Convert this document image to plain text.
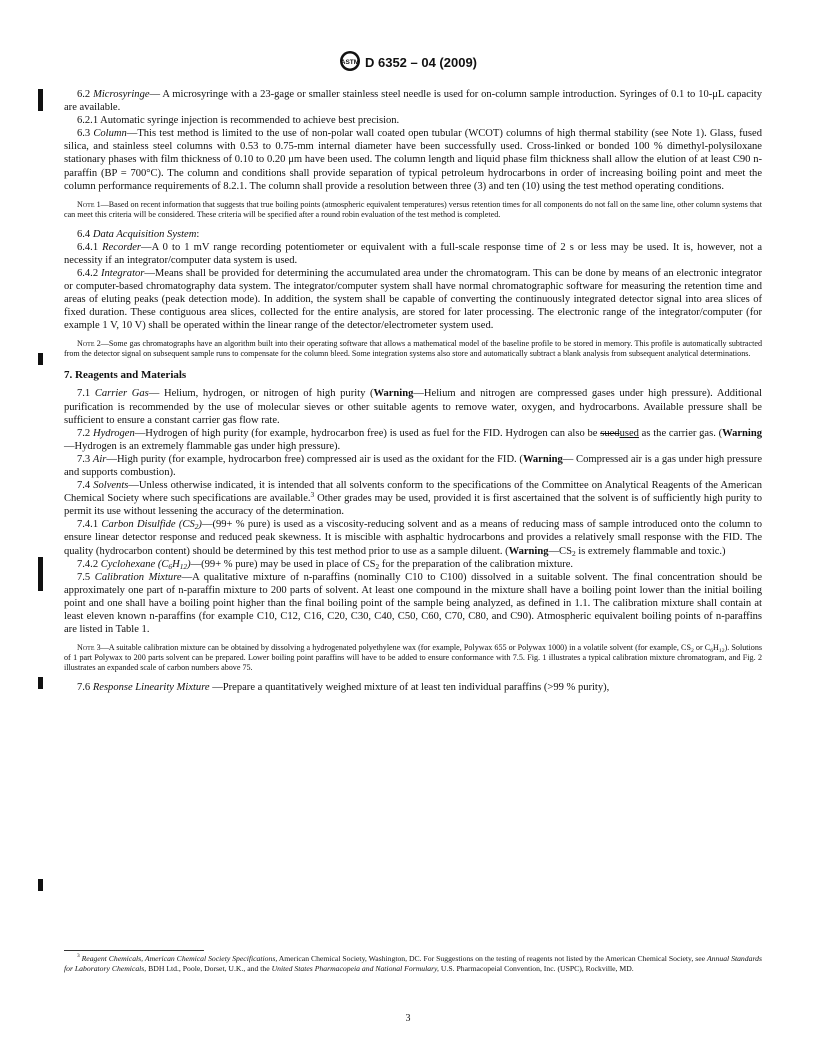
ASTM D 6352 – 04 (2009)

6.2 Microsyringe— A microsyringe with a 23-gage or smaller stainless steel needle is used for on-column sample introduction. Syringes of 0.1 to 10-μL capacity are available.

6.2.1 Automatic syringe injection is recommended to achieve best precision.

6.3 Column—This test method is limited to the use of non-polar wall coated open tubular (WCOT) columns of high thermal stability (see Note 1). Glass, fused silica, and stainless steel columns with 0.53 to 0.75-mm internal diameter have been successfully used. Cross-linked or bonded 100 % dimethyl-polysiloxane stationary phases with film thickness of 0.10 to 0.20 μm have been used. The column length and liquid phase film thickness shall allow the elution of at least C90 n-paraffin (BP = 700°C). The column and conditions shall provide separation of typical petroleum hydrocarbons in order of increasing boiling point and meet the column performance requirements of 8.2.1. The column shall provide a resolution between three (3) and ten (10) using the test method operating conditions.

Note 1—Based on recent information that suggests that true boiling points (atmospheric equivalent temperatures) versus retention times for all components do not fall on the same line, other column systems that can meet this criteria will be considered. These criteria will be specified after a round robin evaluation of the test method is completed.

6.4 Data Acquisition System:

6.4.1 Recorder—A 0 to 1 mV range recording potentiometer or equivalent with a full-scale response time of 2 s or less may be used. It is, however, not a necessity if an integrator/computer data system is used.

6.4.2 Integrator—Means shall be provided for determining the accumulated area under the chromatogram. This can be done by means of an electronic integrator or computer-based chromatography data system. The integrator/computer system shall have normal chromatographic software for measuring the retention time and areas of eluting peaks (peak detection mode). In addition, the system shall be capable of converting the continuously integrated detector signal into area slices of fixed duration. These contiguous area slices, collected for the entire analysis, are stored for later processing. The electronic range of the integrator/computer (for example 1 V, 10 V) shall be operated within the linear range of the detector/electrometer system used.

Note 2—Some gas chromatographs have an algorithm built into their operating software that allows a mathematical model of the baseline profile to be stored in memory. This profile is automatically subtracted from the detector signal on subsequent sample runs to compensate for the column bleed. Some integration systems also store and automatically subtract a blank analysis from subsequent analytical determinations.

7. Reagents and Materials

7.1 Carrier Gas— Helium, hydrogen, or nitrogen of high purity (Warning—Helium and nitrogen are compressed gases under high pressure). Additional purification is recommended by the use of molecular sieves or other suitable agents to remove water, oxygen, and hydrocarbons. Available pressure shall be sufficient to ensure a constant carrier gas flow rate.

7.2 Hydrogen—Hydrogen of high purity (for example, hydrocarbon free) is used as fuel for the FID. Hydrogen can also be suedused as the carrier gas. (Warning—Hydrogen is an extremely flammable gas under high pressure).

7.3 Air—High purity (for example, hydrocarbon free) compressed air is used as the oxidant for the FID. (Warning— Compressed air is a gas under high pressure and supports combustion).

7.4 Solvents—Unless otherwise indicated, it is intended that all solvents conform to the specifications of the Committee on Analytical Reagents of the American Chemical Society where such specifications are available.$^3$ Other grades may be used, provided it is first ascertained that the solvent is of sufficiently high purity to permit its use without lessening the accuracy of the determination.

7.4.1 Carbon Disulfide $(CS_2)—(99+$ % pure) is used as a viscosity-reducing solvent and as a means of reducing mass of sample introduced onto the column to ensure linear detector response and reduced peak skewness. It is miscible with asphaltic hydrocarbons and provides a relatively small response with the FID. The quality (hydrocarbon content) should be determined by this test method prior to use as a sample diluent. ($Warning—CS_2$ is extremely flammable and toxic.)

7.4.2 Cyclohexane $(C_6H_{12})—(99+$ % pure) may be used in place of $CS_2$ for the preparation of the calibration mixture.

7.5 Calibration Mixture—A qualitative mixture of n-paraffins (nominally C10 to C100) dissolved in a suitable solvent. The final concentration should be approximately one part of n-paraffin mixture to 200 parts of solvent. At least one compound in the mixture shall have a boiling point lower than the initial boiling point and one shall have a boiling point higher than the final boiling point of the sample being analyzed, as defined in 1.1. The calibration mixture shall contain at least eleven known n-paraffins (for example C10, C12, C16, C20, C30, C40, C50, C60, C70, C80, and C90). Atmospheric equivalent boiling points of n-paraffins are listed in Table 1.

Note 3—A suitable calibration mixture can be obtained by dissolving a hydrogenated polyethylene wax (for example, Polywax 655 or Polywax 1000) in a volatile solvent (for example, $CS_2$ or $C_6H_{12}$). Solutions of 1 part Polywax to 200 parts solvent can be prepared. Lower boiling point paraffins will have to be added to ensure conformance with 7.5. Fig. 1 illustrates a typical calibration mixture chromatogram, and Fig. 2 illustrates an expanded scale of carbon numbers above 75.

7.6 Response Linearity Mixture —Prepare a quantitatively weighed mixture of at least ten individual paraffins (>99 % purity),

$^3$ Reagent Chemicals, American Chemical Society Specifications, American Chemical Society, Washington, DC. For Suggestions on the testing of reagents not listed by the American Chemical Society, see Annual Standards for Laboratory Chemicals, BDH Ltd., Poole, Dorset, U.K., and the United States Pharmacopeia and National Formulary, U.S. Pharmacopeial Convention, Inc. (USPC), Rockville, MD.

3
